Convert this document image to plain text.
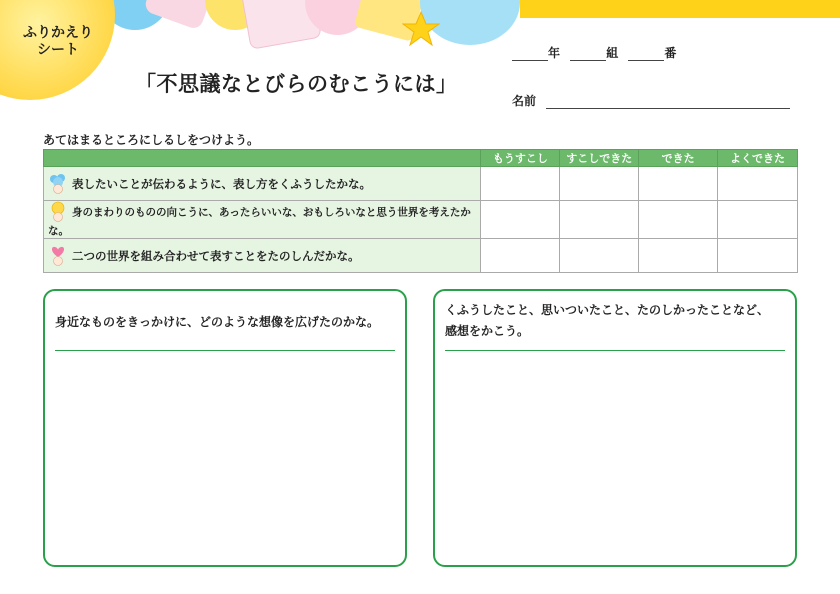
ふりかえり
シート
「不思議なとびらのむこうには」
年	組	番
名前
あてはまるところにしるしをつけよう。
	もうすこし	すこしできた	できた	よくできた
表したいことが伝わるように、表し方をくふうしたかな。				
身のまわりのものの向こうに、あったらいいな、おもしろいなと思う世界を考えたかな。				
二つの世界を組み合わせて表すことをたのしんだかな。				
身近なものをきっかけに、どのような想像を広げたのかな。
くふうしたこと、思いついたこと、たのしかったことなど、
感想をかこう。
